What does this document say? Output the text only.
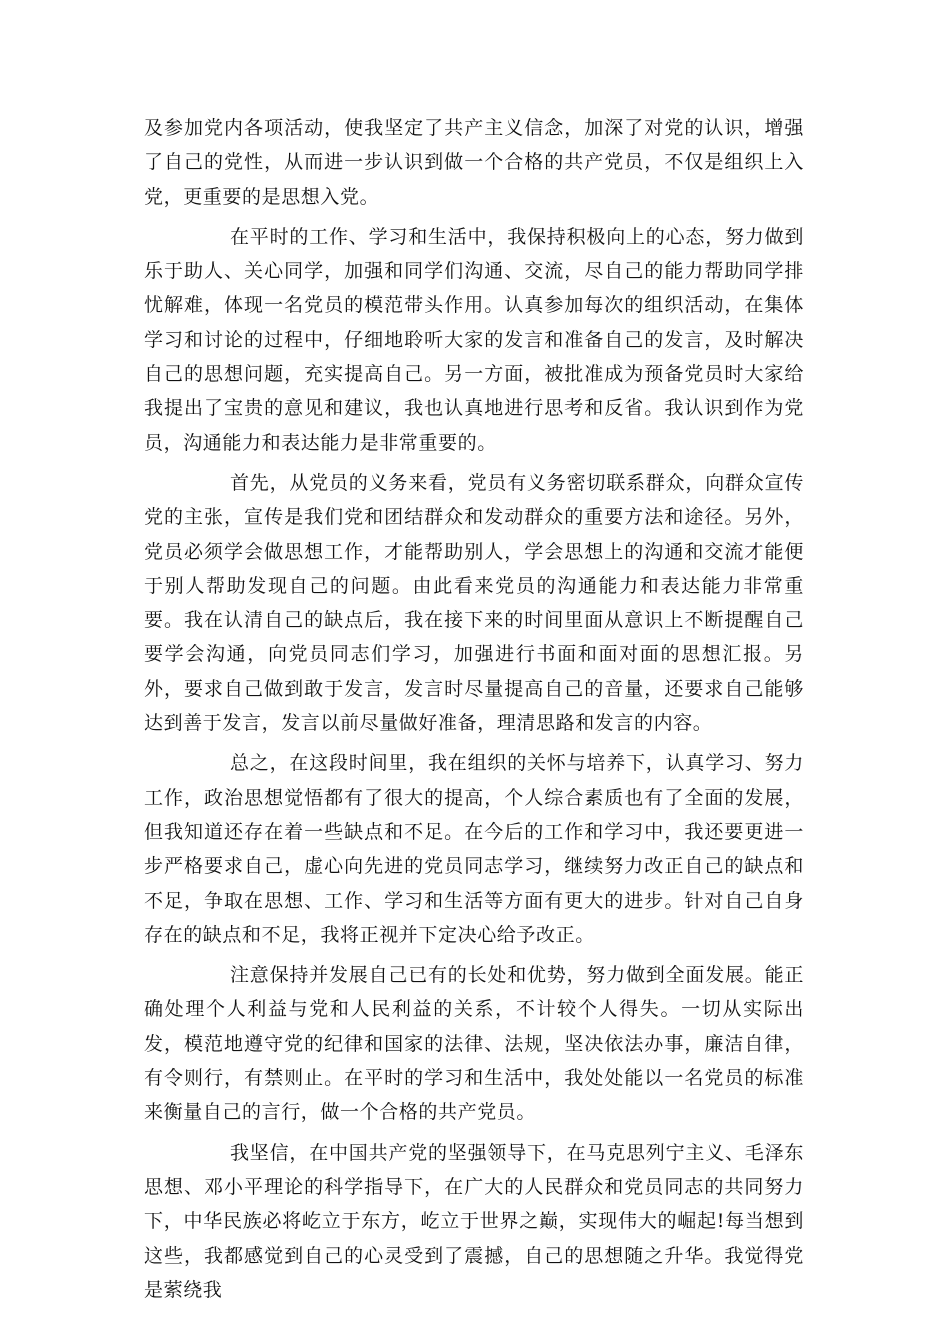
及参加党内各项活动，使我坚定了共产主义信念，加深了对党的认识，增强了自己的党性，从而进一步认识到做一个合格的共产党员，不仅是组织上入党，更重要的是思想入党。

在平时的工作、学习和生活中，我保持积极向上的心态，努力做到乐于助人、关心同学，加强和同学们沟通、交流，尽自己的能力帮助同学排忧解难，体现一名党员的模范带头作用。认真参加每次的组织活动，在集体学习和讨论的过程中，仔细地聆听大家的发言和准备自己的发言，及时解决自己的思想问题，充实提高自己。另一方面，被批准成为预备党员时大家给我提出了宝贵的意见和建议，我也认真地进行思考和反省。我认识到作为党员，沟通能力和表达能力是非常重要的。

首先，从党员的义务来看，党员有义务密切联系群众，向群众宣传党的主张，宣传是我们党和团结群众和发动群众的重要方法和途径。另外，党员必须学会做思想工作，才能帮助别人，学会思想上的沟通和交流才能便于别人帮助发现自己的问题。由此看来党员的沟通能力和表达能力非常重要。我在认清自己的缺点后，我在接下来的时间里面从意识上不断提醒自己要学会沟通，向党员同志们学习，加强进行书面和面对面的思想汇报。另外，要求自己做到敢于发言，发言时尽量提高自己的音量，还要求自己能够达到善于发言，发言以前尽量做好准备，理清思路和发言的内容。

总之，在这段时间里，我在组织的关怀与培养下，认真学习、努力工作，政治思想觉悟都有了很大的提高，个人综合素质也有了全面的发展，但我知道还存在着一些缺点和不足。在今后的工作和学习中，我还要更进一步严格要求自己，虚心向先进的党员同志学习，继续努力改正自己的缺点和不足，争取在思想、工作、学习和生活等方面有更大的进步。针对自己自身存在的缺点和不足，我将正视并下定决心给予改正。

注意保持并发展自己已有的长处和优势，努力做到全面发展。能正确处理个人利益与党和人民利益的关系，不计较个人得失。一切从实际出发，模范地遵守党的纪律和国家的法律、法规，坚决依法办事，廉洁自律，有令则行，有禁则止。在平时的学习和生活中，我处处能以一名党员的标准来衡量自己的言行，做一个合格的共产党员。

我坚信，在中国共产党的坚强领导下，在马克思列宁主义、毛泽东思想、邓小平理论的科学指导下，在广大的人民群众和党员同志的共同努力下，中华民族必将屹立于东方，屹立于世界之巅，实现伟大的崛起!每当想到这些，我都感觉到自己的心灵受到了震撼，自己的思想随之升华。我觉得党是萦绕我
